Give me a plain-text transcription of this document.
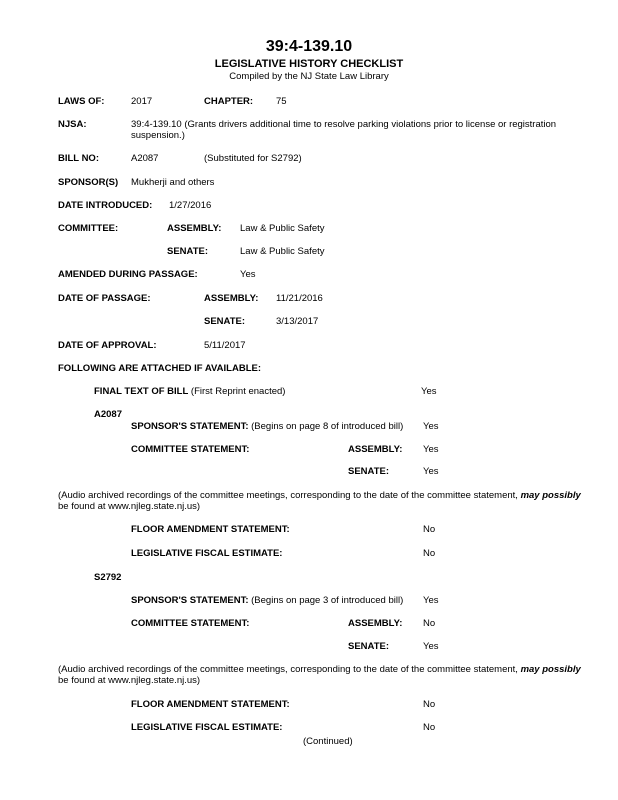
39:4-139.10
LEGISLATIVE HISTORY CHECKLIST
Compiled by the NJ State Law Library
LAWS OF:	2017	CHAPTER: 75
NJSA:	39:4-139.10 (Grants drivers additional time to resolve parking violations prior to license or registration
suspension.)
BILL NO:	A2087	(Substituted for S2792)
SPONSOR(S) Mukherji and others
DATE INTRODUCED: 1/27/2016
COMMITTEE:	ASSEMBLY: Law & Public Safety
SENATE:	Law & Public Safety
AMENDED DURING PASSAGE:	Yes
DATE OF PASSAGE:	ASSEMBLY: 11/21/2016
SENATE:	3/13/2017
DATE OF APPROVAL:	5/11/2017
FOLLOWING ARE ATTACHED IF AVAILABLE:
FINAL TEXT OF BILL (First Reprint enacted)	Yes
A2087
SPONSOR'S STATEMENT: (Begins on page 8 of introduced bill) Yes
COMMITTEE STATEMENT:	ASSEMBLY: Yes
SENATE:	Yes
(Audio archived recordings of the committee meetings, corresponding to the date of the committee statement, may possibly
be found at www.njleg.state.nj.us)
FLOOR AMENDMENT STATEMENT:	No
LEGISLATIVE FISCAL ESTIMATE:	No
S2792
SPONSOR'S STATEMENT: (Begins on page 3 of introduced bill) Yes
COMMITTEE STATEMENT:	ASSEMBLY: No
SENATE:	Yes
(Audio archived recordings of the committee meetings, corresponding to the date of the committee statement, may possibly
be found at www.njleg.state.nj.us)
FLOOR AMENDMENT STATEMENT:	No
LEGISLATIVE FISCAL ESTIMATE:	No
(Continued)
